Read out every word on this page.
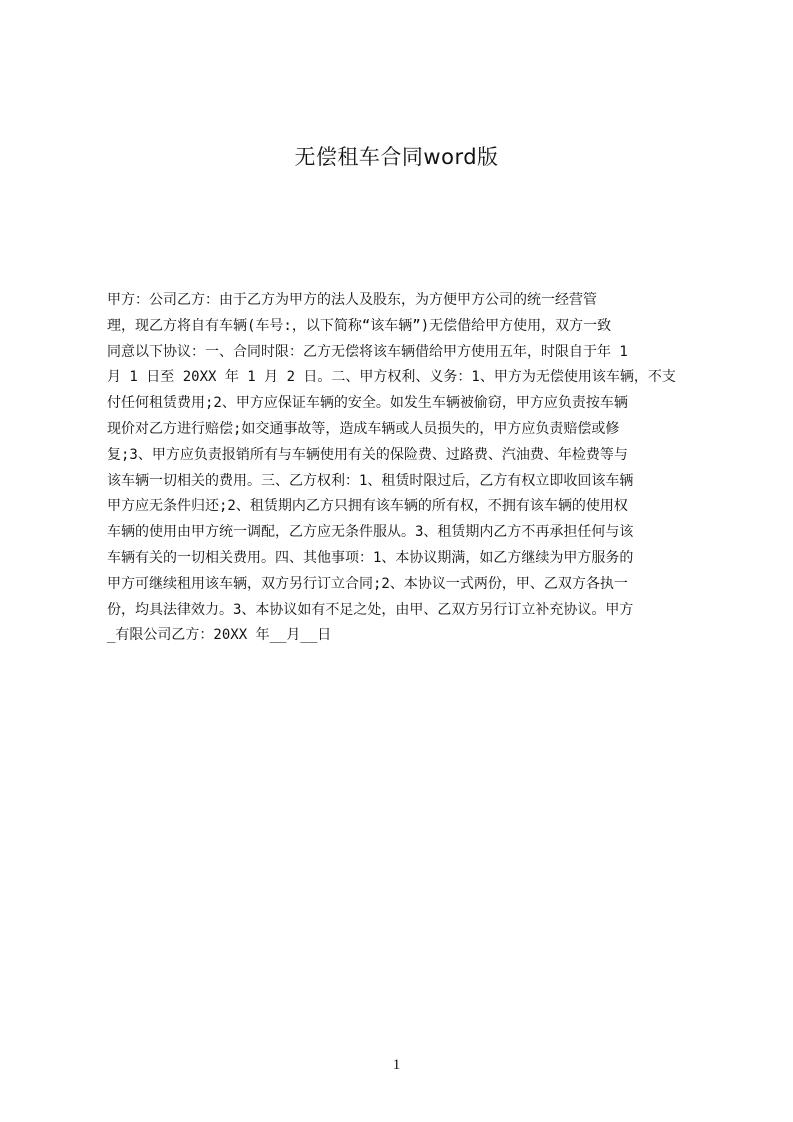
无偿租车合同word版
甲方：公司乙方：由于乙方为甲方的法人及股东，为方便甲方公司的统一经营管
理，现乙方将自有车辆(车号:，以下简称“该车辆”)无偿借给甲方使用，双方一致
同意以下协议：一、合同时限：乙方无偿将该车辆借给甲方使用五年，时限自于年 1
月 1 日至 20XX 年 1 月 2 日。二、甲方权利、义务：1、甲方为无偿使用该车辆，不支
付任何租赁费用;2、甲方应保证车辆的安全。如发生车辆被偷窃，甲方应负责按车辆
现价对乙方进行赔偿;如交通事故等，造成车辆或人员损失的，甲方应负责赔偿或修
复;3、甲方应负责报销所有与车辆使用有关的保险费、过路费、汽油费、年检费等与
该车辆一切相关的费用。三、乙方权利：1、租赁时限过后，乙方有权立即收回该车辆
甲方应无条件归还;2、租赁期内乙方只拥有该车辆的所有权，不拥有该车辆的使用权
车辆的使用由甲方统一调配，乙方应无条件服从。3、租赁期内乙方不再承担任何与该
车辆有关的一切相关费用。四、其他事项：1、本协议期满，如乙方继续为甲方服务的
甲方可继续租用该车辆，双方另行订立合同;2、本协议一式两份，甲、乙双方各执一
份，均具法律效力。3、本协议如有不足之处，由甲、乙双方另行订立补充协议。甲方
_有限公司乙方：20XX 年__月__日
1
